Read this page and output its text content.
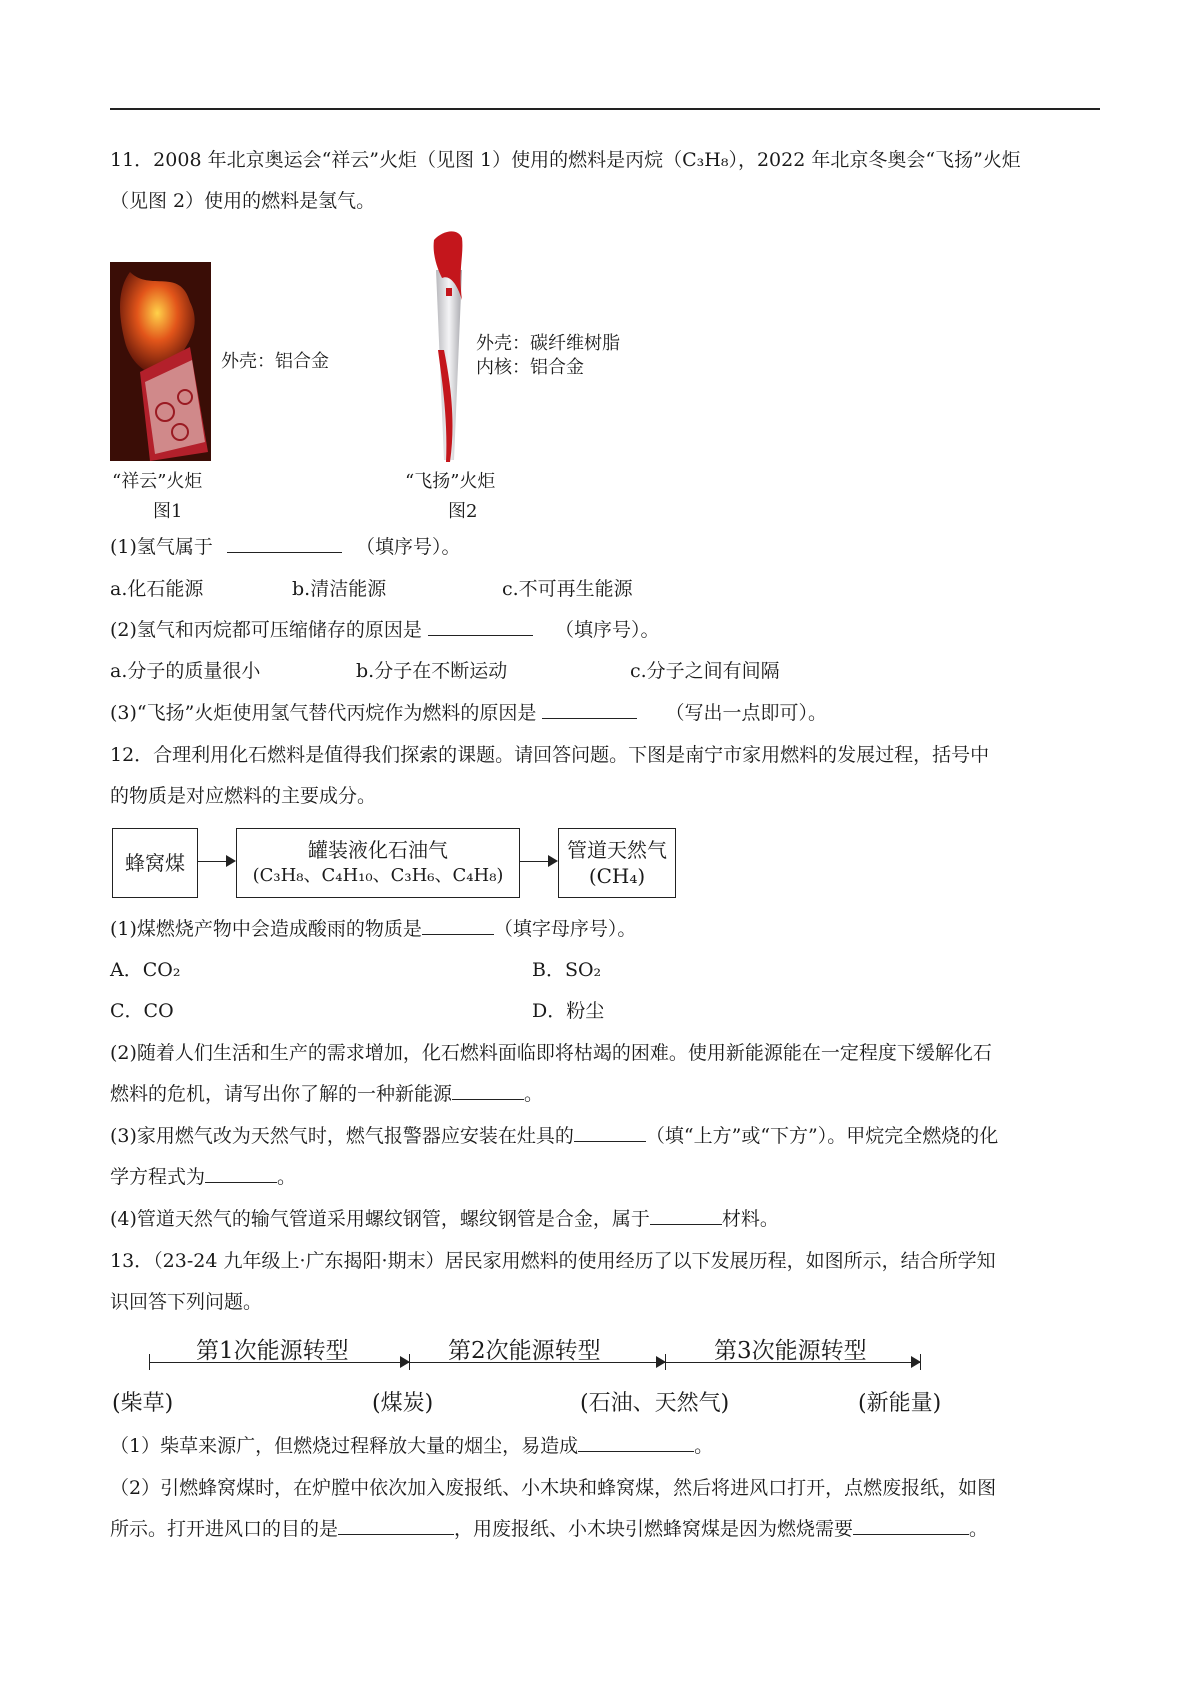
11．2008 年北京奥运会“祥云”火炬（见图 1）使用的燃料是丙烷（C₃H₈），2022 年北京冬奥会“飞扬”火炬
（见图 2）使用的燃料是氢气。
外壳：铝合金
“祥云”火炬
图1
外壳：碳纤维树脂
内核：铝合金
“飞扬”火炬
图2
(1)氢气属于	（填序号）。
a.化石能源	b.清洁能源	c.不可再生能源
(2)氢气和丙烷都可压缩储存的原因是	（填序号）。
a.分子的质量很小	b.分子在不断运动	c.分子之间有间隔
(3)“飞扬”火炬使用氢气替代丙烷作为燃料的原因是	（写出一点即可）。
12．合理利用化石燃料是值得我们探索的课题。请回答问题。下图是南宁市家用燃料的发展过程，括号中
的物质是对应燃料的主要成分。
蜂窝煤
罐装液化石油气
(C₃H₈、C₄H₁₀、C₃H₆、C₄H₈)
管道天然气
(CH₄)
(1)煤燃烧产物中会造成酸雨的物质是	（填字母序号）。
A．CO₂	B．SO₂
C．CO	D．粉尘
(2)随着人们生活和生产的需求增加，化石燃料面临即将枯竭的困难。使用新能源能在一定程度下缓解化石
燃料的危机，请写出你了解的一种新能源	。
(3)家用燃气改为天然气时，燃气报警器应安装在灶具的	（填“上方”或“下方”）。甲烷完全燃烧的化
学方程式为	。
(4)管道天然气的输气管道采用螺纹钢管，螺纹钢管是合金，属于	材料。
13．（23-24 九年级上·广东揭阳·期末）居民家用燃料的使用经历了以下发展历程，如图所示，结合所学知
识回答下列问题。
第1次能源转型	第2次能源转型	第3次能源转型
(柴草)	(煤炭)	(石油、天然气)	(新能量)
（1）柴草来源广，但燃烧过程释放大量的烟尘，易造成	。
（2）引燃蜂窝煤时，在炉膛中依次加入废报纸、小木块和蜂窝煤，然后将进风口打开，点燃废报纸，如图
所示。打开进风口的目的是	，用废报纸、小木块引燃蜂窝煤是因为燃烧需要	。
